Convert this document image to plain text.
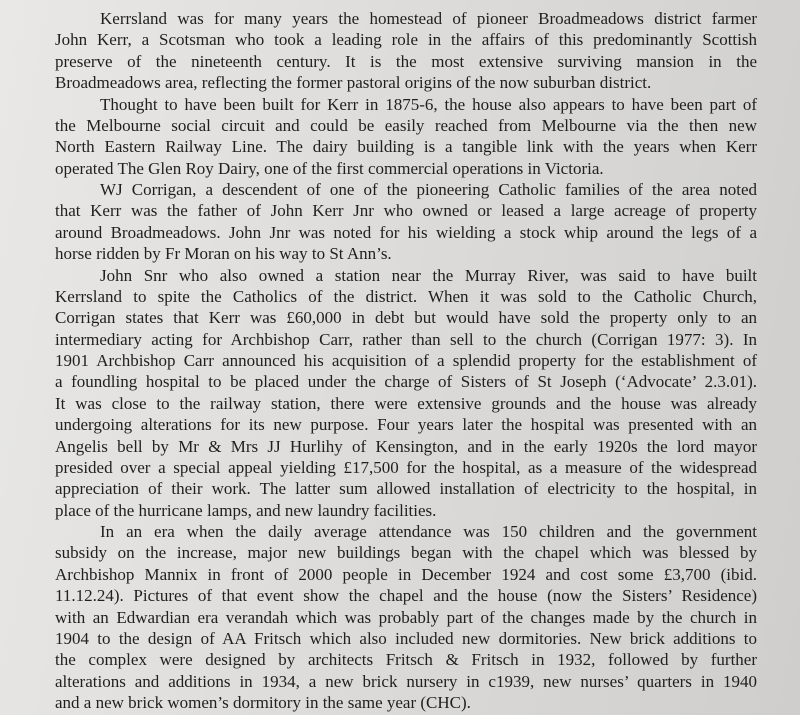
Kerrsland was for many years the homestead of pioneer Broadmeadows district farmer
John Kerr, a Scotsman who took a leading role in the affairs of this predominantly Scottish
preserve of the nineteenth century. It is the most extensive surviving mansion in the
Broadmeadows area, reflecting the former pastoral origins of the now suburban district.
Thought to have been built for Kerr in 1875-6, the house also appears to have been part of
the Melbourne social circuit and could be easily reached from Melbourne via the then new
North Eastern Railway Line. The dairy building is a tangible link with the years when Kerr
operated The Glen Roy Dairy, one of the first commercial operations in Victoria.
WJ Corrigan, a descendent of one of the pioneering Catholic families of the area noted
that Kerr was the father of John Kerr Jnr who owned or leased a large acreage of property
around Broadmeadows. John Jnr was noted for his wielding a stock whip around the legs of a
horse ridden by Fr Moran on his way to St Ann’s.
John Snr who also owned a station near the Murray River, was said to have built
Kerrsland to spite the Catholics of the district. When it was sold to the Catholic Church,
Corrigan states that Kerr was £60,000 in debt but would have sold the property only to an
intermediary acting for Archbishop Carr, rather than sell to the church (Corrigan 1977: 3). In
1901 Archbishop Carr announced his acquisition of a splendid property for the establishment of
a foundling hospital to be placed under the charge of Sisters of St Joseph (‘Advocate’ 2.3.01).
It was close to the railway station, there were extensive grounds and the house was already
undergoing alterations for its new purpose. Four years later the hospital was presented with an
Angelis bell by Mr & Mrs JJ Hurlihy of Kensington, and in the early 1920s the lord mayor
presided over a special appeal yielding £17,500 for the hospital, as a measure of the widespread
appreciation of their work. The latter sum allowed installation of electricity to the hospital, in
place of the hurricane lamps, and new laundry facilities.
In an era when the daily average attendance was 150 children and the government
subsidy on the increase, major new buildings began with the chapel which was blessed by
Archbishop Mannix in front of 2000 people in December 1924 and cost some £3,700 (ibid.
11.12.24). Pictures of that event show the chapel and the house (now the Sisters’ Residence)
with an Edwardian era verandah which was probably part of the changes made by the church in
1904 to the design of AA Fritsch which also included new dormitories. New brick additions to
the complex were designed by architects Fritsch & Fritsch in 1932, followed by further
alterations and additions in 1934, a new brick nursery in c1939, new nurses’ quarters in 1940
and a new brick women’s dormitory in the same year (CHC).
